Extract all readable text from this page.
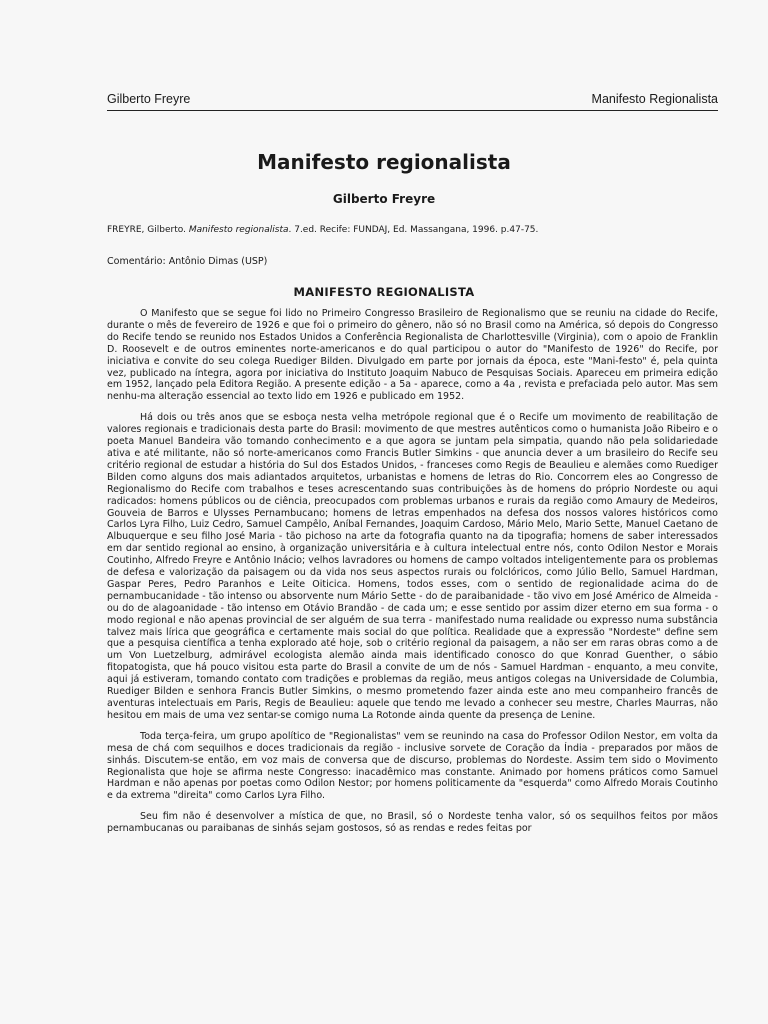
Gilberto Freyre	Manifesto Regionalista
Manifesto regionalista
Gilberto Freyre
FREYRE, Gilberto. Manifesto regionalista. 7.ed. Recife: FUNDAJ, Ed. Massangana, 1996. p.47-75.
Comentário: Antônio Dimas (USP)
MANIFESTO REGIONALISTA

O Manifesto que se segue foi lido no Primeiro Congresso Brasileiro de Regionalismo que se reuniu na cidade do Recife, durante o mês de fevereiro de 1926 e que foi o primeiro do gênero, não só no Brasil como na América, só depois do Congresso do Recife tendo se reunido nos Estados Unidos a Conferência Regionalista de Charlottesville (Virginia), com o apoio de Franklin D. Roosevelt e de outros eminentes norte-americanos e do qual participou o autor do "Manifesto de 1926" do Recife, por iniciativa e convite do seu colega Ruediger Bilden. Divulgado em parte por jornais da época, este "Mani-festo" é, pela quinta vez, publicado na íntegra, agora por iniciativa do Instituto Joaquim Nabuco de Pesquisas Sociais. Apareceu em primeira edição em 1952, lançado pela Editora Região. A presente edição - a 5a - aparece, como a 4a , revista e prefaciada pelo autor. Mas sem nenhu-ma alteração essencial ao texto lido em 1926 e publicado em 1952.

Há dois ou três anos que se esboça nesta velha metrópole regional que é o Recife um movimento de reabilitação de valores regionais e tradicionais desta parte do Brasil: movimento de que mestres autênticos como o humanista João Ribeiro e o poeta Manuel Bandeira vão tomando conhecimento e a que agora se juntam pela simpatia, quando não pela solidariedade ativa e até militante, não só norte-americanos como Francis Butler Simkins - que anuncia dever a um brasileiro do Recife seu critério regional de estudar a história do Sul dos Estados Unidos, - franceses como Regis de Beaulieu e alemães como Ruediger Bilden como alguns dos mais adiantados arquitetos, urbanistas e homens de letras do Rio. Concorrem eles ao Congresso de Regionalismo do Recife com trabalhos e teses acrescentando suas contribuições às de homens do próprio Nordeste ou aqui radicados: homens públicos ou de ciência, preocupados com problemas urbanos e rurais da região como Amaury de Medeiros, Gouveia de Barros e Ulysses Pernambucano; homens de letras empenhados na defesa dos nossos valores históricos como Carlos Lyra Filho, Luiz Cedro, Samuel Campêlo, Aníbal Fernandes, Joaquim Cardoso, Mário Melo, Mario Sette, Manuel Caetano de Albuquerque e seu filho José Maria - tão pichoso na arte da fotografia quanto na da tipografia; homens de saber interessados em dar sentido regional ao ensino, à organização universitária e à cultura intelectual entre nós, conto Odilon Nestor e Morais Coutinho, Alfredo Freyre e Antônio Inácio; velhos lavradores ou homens de campo voltados inteligentemente para os problemas de defesa e valorização da paisagem ou da vida nos seus aspectos rurais ou folclóricos, como Júlio Bello, Samuel Hardman, Gaspar Peres, Pedro Paranhos e Leite Oiticica. Homens, todos esses, com o sentido de regionalidade acima do de pernambucanidade - tão intenso ou absorvente num Mário Sette - do de paraibanidade - tão vivo em José Américo de Almeida - ou do de alagoanidade - tão intenso em Otávio Brandão - de cada um; e esse sentido por assim dizer eterno em sua forma - o modo regional e não apenas provincial de ser alguém de sua terra - manifestado numa realidade ou expresso numa substância talvez mais lírica que geográfica e certamente mais social do que política. Realidade que a expressão "Nordeste" define sem que a pesquisa científica a tenha explorado até hoje, sob o critério regional da paisagem, a não ser em raras obras como a de um Von Luetzelburg, admirável ecologista alemão ainda mais identificado conosco do que Konrad Guenther, o sábio fitopatogista, que há pouco visitou esta parte do Brasil a convite de um de nós - Samuel Hardman - enquanto, a meu convite, aqui já estiveram, tomando contato com tradições e problemas da região, meus antigos colegas na Universidade de Columbia, Ruediger Bilden e senhora Francis Butler Simkins, o mesmo prometendo fazer ainda este ano meu companheiro francês de aventuras intelectuais em Paris, Regis de Beaulieu: aquele que tendo me levado a conhecer seu mestre, Charles Maurras, não hesitou em mais de uma vez sentar-se comigo numa La Rotonde ainda quente da presença de Lenine.

Toda terça-feira, um grupo apolítico de "Regionalistas" vem se reunindo na casa do Professor Odilon Nestor, em volta da mesa de chá com sequilhos e doces tradicionais da região - inclusive sorvete de Coração da Índia - preparados por mãos de sinhás. Discutem-se então, em voz mais de conversa que de discurso, problemas do Nordeste. Assim tem sido o Movimento Regionalista que hoje se afirma neste Congresso: inacadêmico mas constante. Animado por homens práticos como Samuel Hardman e não apenas por poetas como Odilon Nestor; por homens politicamente da "esquerda" como Alfredo Morais Coutinho e da extrema "direita" como Carlos Lyra Filho.

Seu fim não é desenvolver a mística de que, no Brasil, só o Nordeste tenha valor, só os sequilhos feitos por mãos pernambucanas ou paraibanas de sinhás sejam gostosos, só as rendas e redes feitas por
